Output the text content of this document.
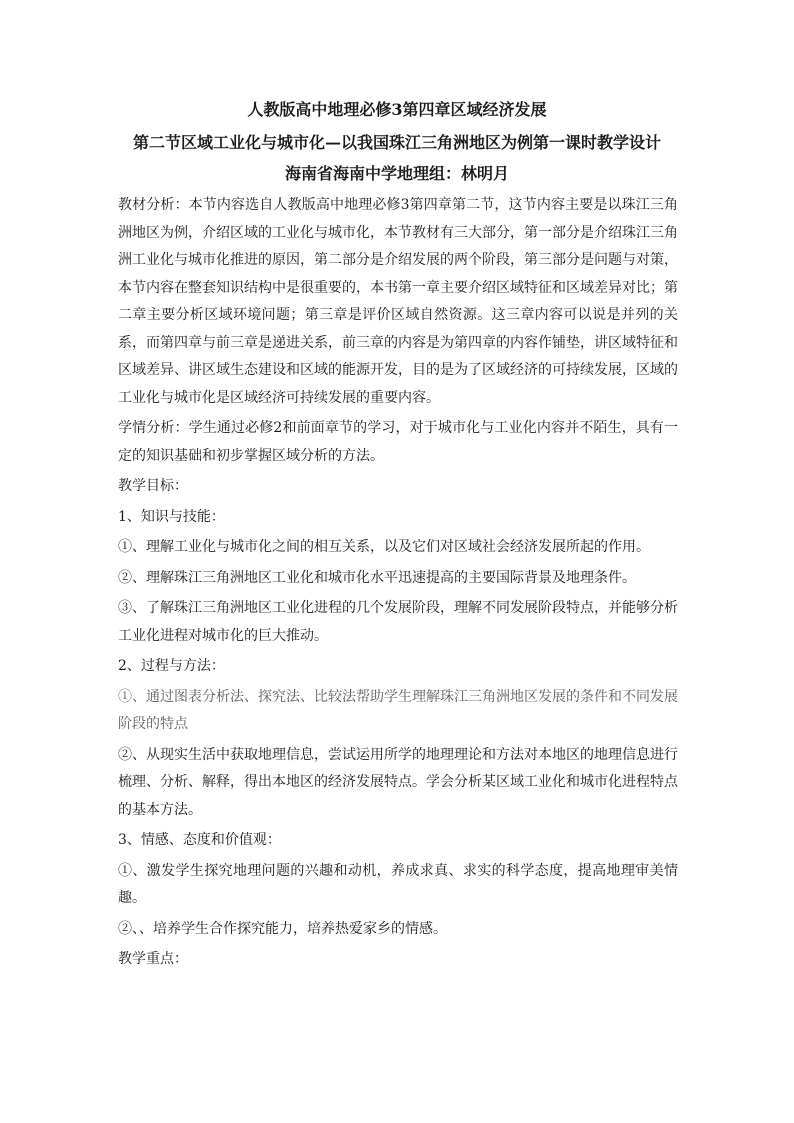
人教版高中地理必修3第四章区域经济发展
第二节区域工业化与城市化—以我国珠江三角洲地区为例第一课时教学设计
海南省海南中学地理组：林明月

教材分析：本节内容选自人教版高中地理必修3第四章第二节，这节内容主要是以珠江三角洲地区为例，介绍区域的工业化与城市化，本节教材有三大部分，第一部分是介绍珠江三角洲工业化与城市化推进的原因，第二部分是介绍发展的两个阶段，第三部分是问题与对策，本节内容在整套知识结构中是很重要的，本书第一章主要介绍区域特征和区域差异对比；第二章主要分析区域环境问题；第三章是评价区域自然资源。这三章内容可以说是并列的关系，而第四章与前三章是递进关系，前三章的内容是为第四章的内容作铺垫，讲区域特征和区域差异、讲区域生态建设和区域的能源开发，目的是为了区域经济的可持续发展，区域的工业化与城市化是区域经济可持续发展的重要内容。

学情分析：学生通过必修2和前面章节的学习，对于城市化与工业化内容并不陌生，具有一定的知识基础和初步掌握区域分析的方法。

教学目标：

1、知识与技能：

①、理解工业化与城市化之间的相互关系，以及它们对区域社会经济发展所起的作用。

②、理解珠江三角洲地区工业化和城市化水平迅速提高的主要国际背景及地理条件。

③、了解珠江三角洲地区工业化进程的几个发展阶段，理解不同发展阶段特点，并能够分析工业化进程对城市化的巨大推动。

2、过程与方法：

①、通过图表分析法、探究法、比较法帮助学生理解珠江三角洲地区发展的条件和不同发展阶段的特点

②、从现实生活中获取地理信息，尝试运用所学的地理理论和方法对本地区的地理信息进行梳理、分析、解释，得出本地区的经济发展特点。学会分析某区域工业化和城市化进程特点的基本方法。

3、情感、态度和价值观：

①、激发学生探究地理问题的兴趣和动机，养成求真、求实的科学态度，提高地理审美情趣。

②、、培养学生合作探究能力，培养热爱家乡的情感。

教学重点：
